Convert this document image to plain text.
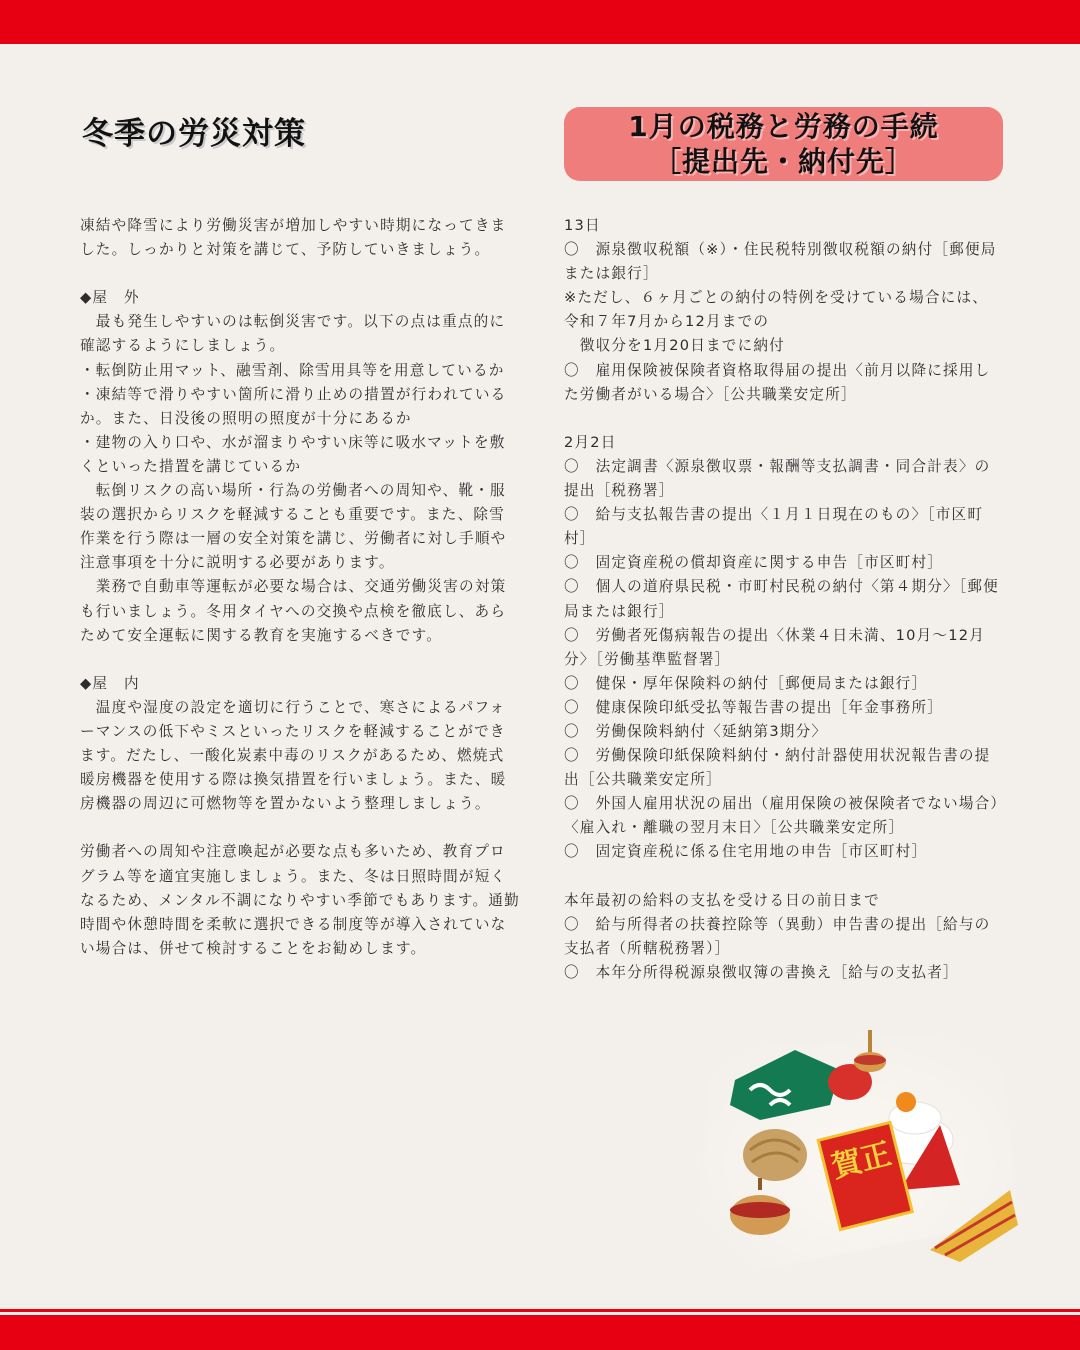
冬季の労災対策	1月の税務と労務の手続
［提出先・納付先］

凍結や降雪により労働災害が増加しやすい時期になってきました。しっかりと対策を講じて、予防していきましょう。

◆屋　外

　最も発生しやすいのは転倒災害です。以下の点は重点的に確認するようにしましょう。

・転倒防止用マット、融雪剤、除雪用具等を用意しているか

・凍結等で滑りやすい箇所に滑り止めの措置が行われているか。また、日没後の照明の照度が十分にあるか

・建物の入り口や、水が溜まりやすい床等に吸水マットを敷くといった措置を講じているか

　転倒リスクの高い場所・行為の労働者への周知や、靴・服装の選択からリスクを軽減することも重要です。また、除雪作業を行う際は一層の安全対策を講じ、労働者に対し手順や注意事項を十分に説明する必要があります。

　業務で自動車等運転が必要な場合は、交通労働災害の対策も行いましょう。冬用タイヤへの交換や点検を徹底し、あらためて安全運転に関する教育を実施するべきです。

◆屋　内

　温度や湿度の設定を適切に行うことで、寒さによるパフォーマンスの低下やミスといったリスクを軽減することができます。だたし、一酸化炭素中毒のリスクがあるため、燃焼式暖房機器を使用する際は換気措置を行いましょう。また、暖房機器の周辺に可燃物等を置かないよう整理しましょう。

労働者への周知や注意喚起が必要な点も多いため、教育プログラム等を適宜実施しましょう。また、冬は日照時間が短くなるため、メンタル不調になりやすい季節でもあります。通勤時間や休憩時間を柔軟に選択できる制度等が導入されていない場合は、併せて検討することをお勧めします。

13日

〇　源泉徴収税額（※）・住民税特別徴収税額の納付［郵便局または銀行］

※ただし、６ヶ月ごとの納付の特例を受けている場合には、令和７年7月から12月までの

　徴収分を1月20日までに納付

〇　雇用保険被保険者資格取得届の提出〈前月以降に採用した労働者がいる場合〉［公共職業安定所］

2月2日

〇　法定調書〈源泉徴収票・報酬等支払調書・同合計表〉の提出［税務署］

〇　給与支払報告書の提出〈１月１日現在のもの〉［市区町村］

〇　固定資産税の償却資産に関する申告［市区町村］

〇　個人の道府県民税・市町村民税の納付〈第４期分〉［郵便局または銀行］

〇　労働者死傷病報告の提出〈休業４日未満、10月～12月分〉［労働基準監督署］

〇　健保・厚年保険料の納付［郵便局または銀行］

〇　健康保険印紙受払等報告書の提出［年金事務所］

〇　労働保険料納付〈延納第3期分〉

〇　労働保険印紙保険料納付・納付計器使用状況報告書の提出［公共職業安定所］

〇　外国人雇用状況の届出（雇用保険の被保険者でない場合）〈雇入れ・離職の翌月末日〉［公共職業安定所］

〇　固定資産税に係る住宅用地の申告［市区町村］

本年最初の給料の支払を受ける日の前日まで

〇　給与所得者の扶養控除等（異動）申告書の提出［給与の支払者（所轄税務署）］

〇　本年分所得税源泉徴収簿の書換え［給与の支払者］

賀正
